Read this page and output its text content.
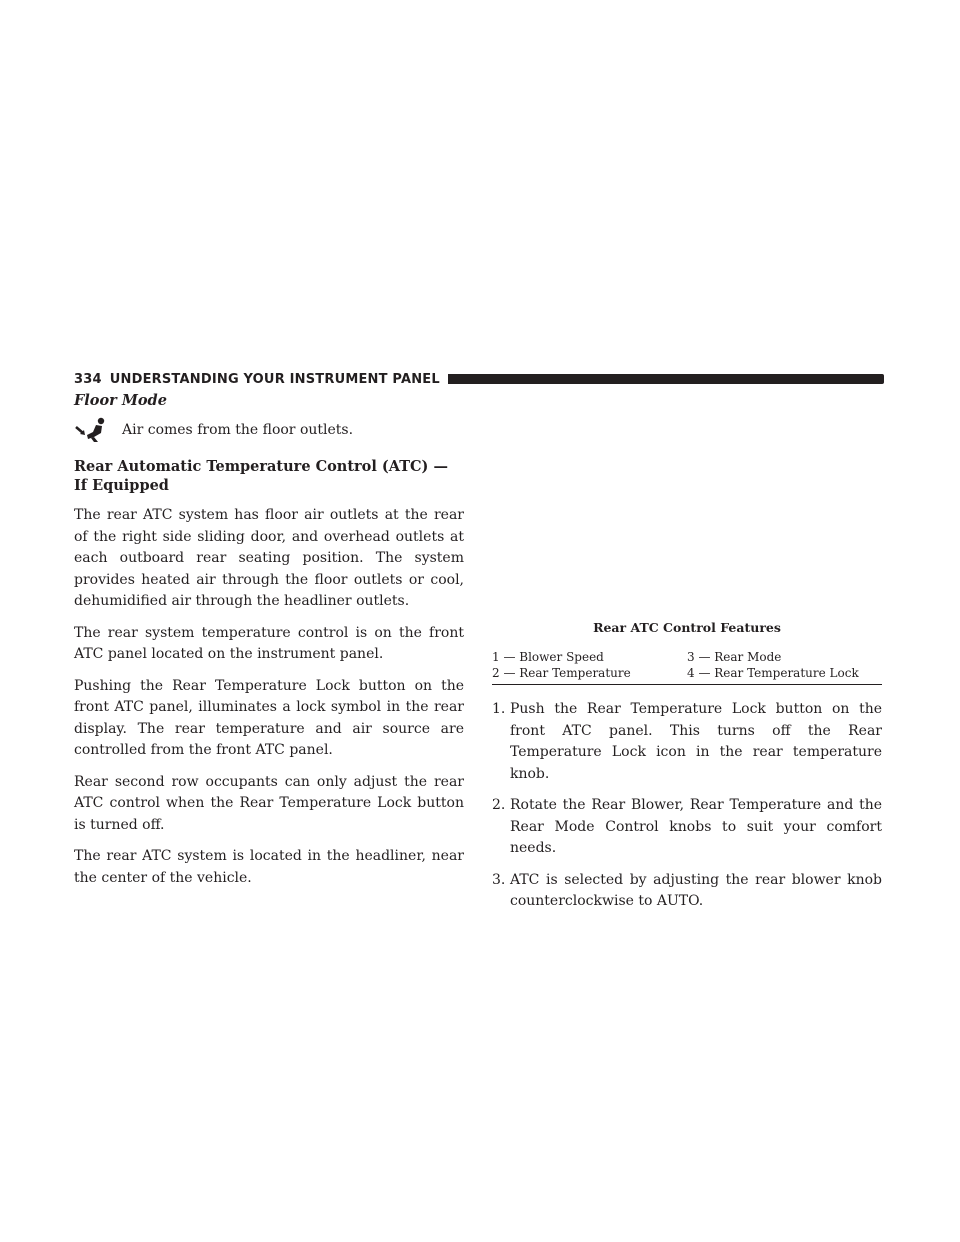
334 UNDERSTANDING YOUR INSTRUMENT PANEL
Floor Mode
Air comes from the floor outlets.
Rear Automatic Temperature Control (ATC) — If Equipped

The rear ATC system has floor air outlets at the rear of the right side sliding door, and overhead outlets at each outboard rear seating position. The system provides heated air through the floor outlets or cool, dehumidified air through the headliner outlets.

The rear system temperature control is on the front ATC panel located on the instrument panel.

Pushing the Rear Temperature Lock button on the front ATC panel, illuminates a lock symbol in the rear display. The rear temperature and air source are controlled from the front ATC panel.

Rear second row occupants can only adjust the rear ATC control when the Rear Temperature Lock button is turned off.

The rear ATC system is located in the headliner, near the center of the vehicle.

Rear ATC Control Features
1 — Blower Speed	3 — Rear Mode
2 — Rear Temperature	4 — Rear Temperature Lock
1. Push the Rear Temperature Lock button on the front ATC panel. This turns off the Rear Temperature Lock icon in the rear temperature knob.
2. Rotate the Rear Blower, Rear Temperature and the Rear Mode Control knobs to suit your comfort needs.
3. ATC is selected by adjusting the rear blower knob counterclockwise to AUTO.
